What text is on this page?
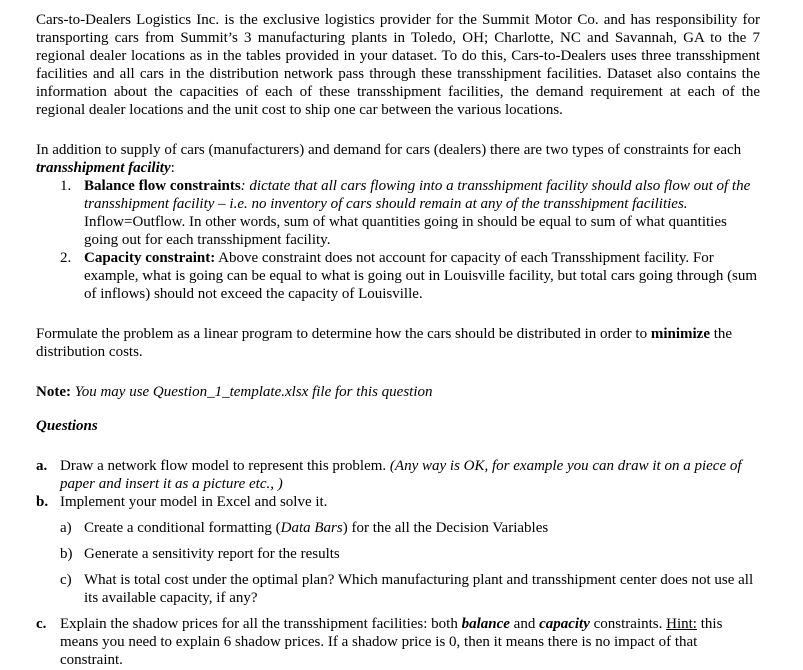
Cars-to-Dealers Logistics Inc. is the exclusive logistics provider for the Summit Motor Co. and has responsibility for transporting cars from Summit’s 3 manufacturing plants in Toledo, OH; Charlotte, NC and Savannah, GA to the 7 regional dealer locations as in the tables provided in your dataset. To do this, Cars-to-Dealers uses three transshipment facilities and all cars in the distribution network pass through these transshipment facilities. Dataset also contains the information about the capacities of each of these transshipment facilities, the demand requirement at each of the regional dealer locations and the unit cost to ship one car between the various locations.

In addition to supply of cars (manufacturers) and demand for cars (dealers) there are two types of constraints for each transshipment facility:

1. Balance flow constraints: dictate that all cars flowing into a transshipment facility should also flow out of the transshipment facility – i.e. no inventory of cars should remain at any of the transshipment facilities. Inflow=Outflow. In other words, sum of what quantities going in should be equal to sum of what quantities going out for each transshipment facility.
2. Capacity constraint: Above constraint does not account for capacity of each Transshipment facility. For example, what is going can be equal to what is going out in Louisville facility, but total cars going through (sum of inflows) should not exceed the capacity of Louisville.

Formulate the problem as a linear program to determine how the cars should be distributed in order to minimize the distribution costs.

Note: You may use Question_1_template.xlsx file for this question

Questions

a. Draw a network flow model to represent this problem. (Any way is OK, for example you can draw it on a piece of paper and insert it as a picture etc., )
b. Implement your model in Excel and solve it.
a) Create a conditional formatting (Data Bars) for the all the Decision Variables
b) Generate a sensitivity report for the results
c) What is total cost under the optimal plan? Which manufacturing plant and transshipment center does not use all its available capacity, if any?
c. Explain the shadow prices for all the transshipment facilities: both balance and capacity constraints. Hint: this means you need to explain 6 shadow prices. If a shadow price is 0, then it means there is no impact of that constraint.
